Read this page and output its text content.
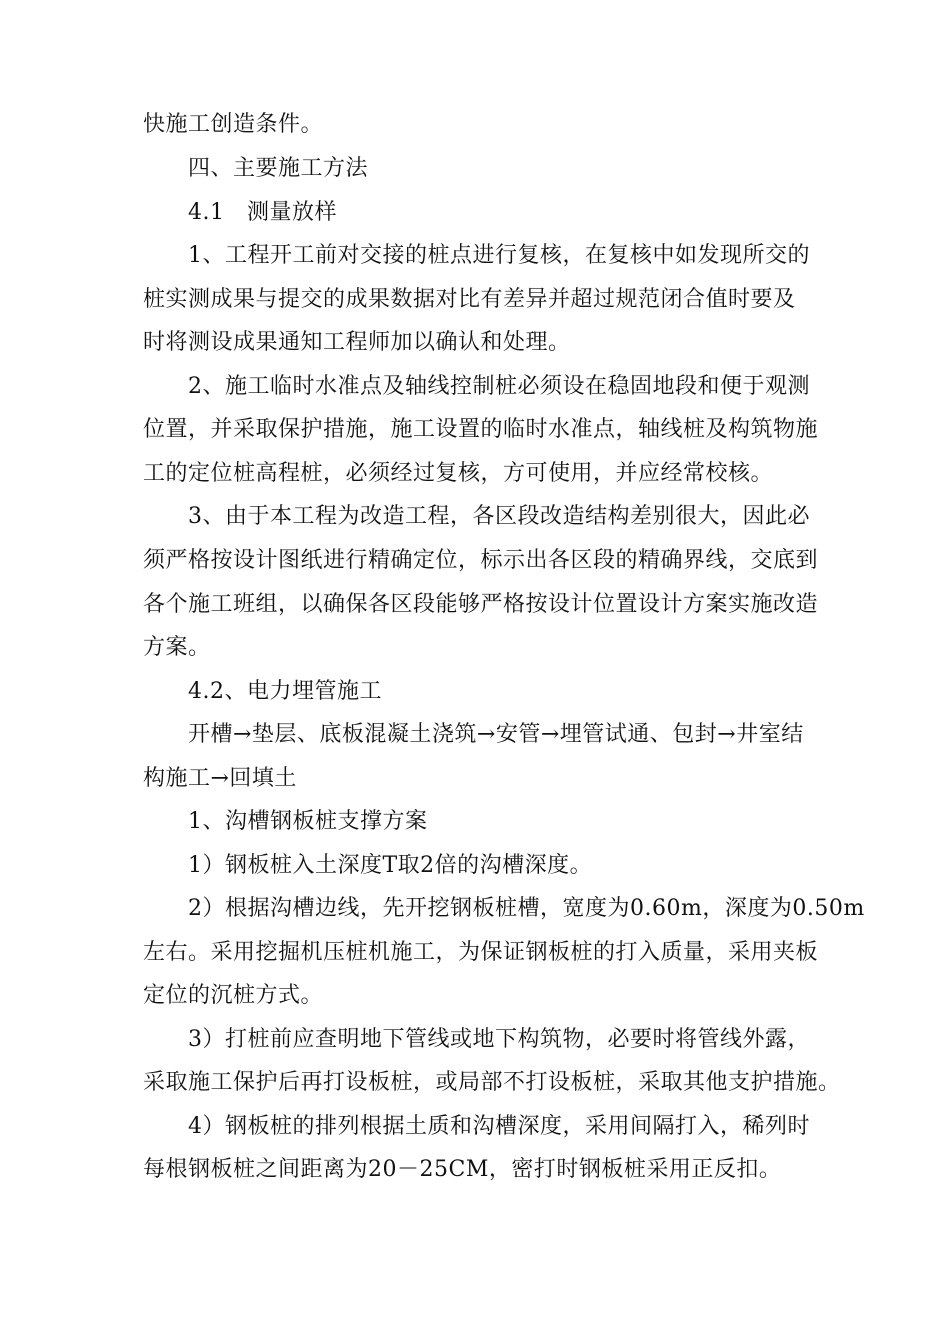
快施工创造条件。
四、主要施工方法
4.1　测量放样
1、工程开工前对交接的桩点进行复核，在复核中如发现所交的
桩实测成果与提交的成果数据对比有差异并超过规范闭合值时要及
时将测设成果通知工程师加以确认和处理。
2、施工临时水准点及轴线控制桩必须设在稳固地段和便于观测
位置，并采取保护措施，施工设置的临时水准点，轴线桩及构筑物施
工的定位桩高程桩，必须经过复核，方可使用，并应经常校核。
3、由于本工程为改造工程，各区段改造结构差别很大，因此必
须严格按设计图纸进行精确定位，标示出各区段的精确界线，交底到
各个施工班组，以确保各区段能够严格按设计位置设计方案实施改造
方案。
4.2、电力埋管施工
开槽→垫层、底板混凝土浇筑→安管→埋管试通、包封→井室结
构施工→回填土
1、沟槽钢板桩支撑方案
1）钢板桩入土深度T取2倍的沟槽深度。
2）根据沟槽边线，先开挖钢板桩槽，宽度为0.60m，深度为0.50m
左右。采用挖掘机压桩机施工，为保证钢板桩的打入质量，采用夹板
定位的沉桩方式。
3）打桩前应查明地下管线或地下构筑物，必要时将管线外露，
采取施工保护后再打设板桩，或局部不打设板桩，采取其他支护措施。
4）钢板桩的排列根据土质和沟槽深度，采用间隔打入，稀列时
每根钢板桩之间距离为20－25CM，密打时钢板桩采用正反扣。
